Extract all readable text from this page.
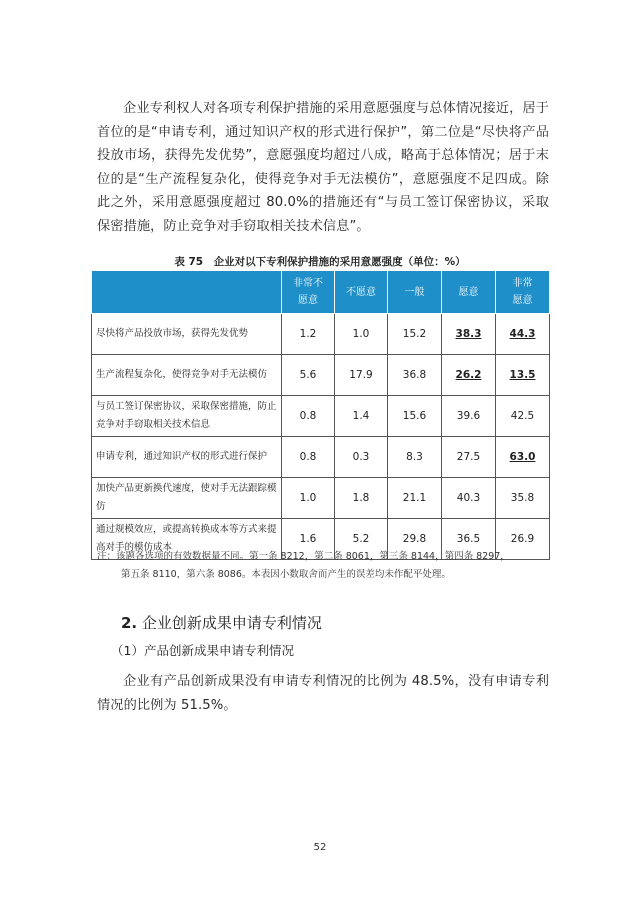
企业专利权人对各项专利保护措施的采用意愿强度与总体情况接近，居于首位的是“申请专利，通过知识产权的形式进行保护”，第二位是“尽快将产品投放市场，获得先发优势”，意愿强度均超过八成，略高于总体情况；居于末位的是“生产流程复杂化，使得竞争对手无法模仿”，意愿强度不足四成。除此之外，采用意愿强度超过 80.0%的措施还有“与员工签订保密协议，采取保密措施，防止竞争对手窃取相关技术信息”。
表 75　企业对以下专利保护措施的采用意愿强度（单位：%）
	非常不
愿意	不愿意	一般	愿意	非常
愿意
尽快将产品投放市场，获得先发优势	1.2	1.0	15.2	38.3	44.3
生产流程复杂化，使得竞争对手无法模仿	5.6	17.9	36.8	26.2	13.5
与员工签订保密协议，采取保密措施，防止竞争对手窃取相关技术信息	0.8	1.4	15.6	39.6	42.5
申请专利，通过知识产权的形式进行保护	0.8	0.3	8.3	27.5	63.0
加快产品更新换代速度，使对手无法跟踪模仿	1.0	1.8	21.1	40.3	35.8
通过规模效应，或提高转换成本等方式来提高对手的模仿成本	1.6	5.2	29.8	36.5	26.9
注：该题各选项的有效数据量不同。第一条 8212，第二条 8061，第三条 8144，第四条 8297，
第五条 8110，第六条 8086。本表因小数取舍而产生的误差均未作配平处理。
2. 企业创新成果申请专利情况
（1）产品创新成果申请专利情况
企业有产品创新成果没有申请专利情况的比例为 48.5%，没有申请专利情况的比例为 51.5%。
52
